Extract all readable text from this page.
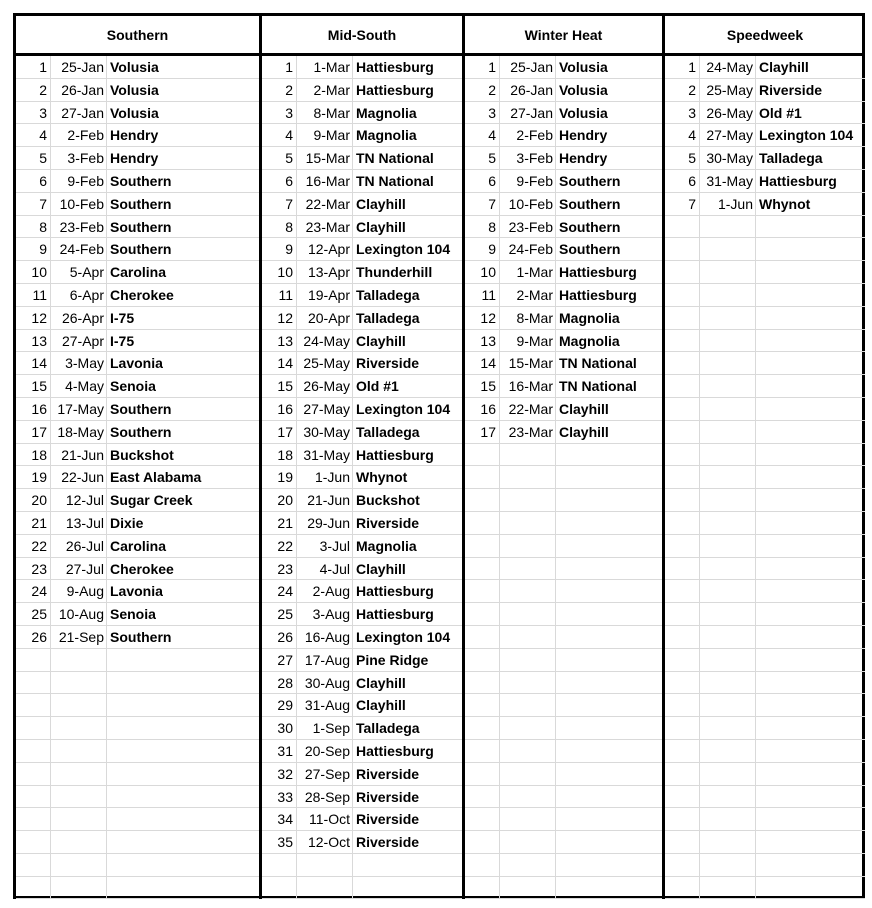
Southern
1	25-Jan Volusia
2	26-Jan Volusia
3	27-Jan Volusia
4	2-Feb Hendry
5	3-Feb Hendry
6	9-Feb Southern
7 10-Feb Southern
8 23-Feb Southern
9 24-Feb Southern
10	5-Apr Carolina
11	6-Apr Cherokee
12	26-Apr I-75
13	27-Apr I-75
14	3-May Lavonia
15	4-May Senoia
16 17-May Southern
17 18-May Southern
18	21-Jun Buckshot
19	22-Jun East Alabama
20	12-Jul Sugar Creek
21	13-Jul Dixie
22	26-Jul Carolina
23	27-Jul Cherokee
24	9-Aug Lavonia
25 10-Aug Senoia
26 21-Sep Southern
Mid-South
1	1-Mar Hattiesburg
2	2-Mar Hattiesburg
3	8-Mar Magnolia
4	9-Mar Magnolia
5 15-Mar TN National
6 16-Mar TN National
7 22-Mar Clayhill
8 23-Mar Clayhill
9	12-Apr Lexington 104
10	13-Apr Thunderhill
11	19-Apr Talladega
12	20-Apr Talladega
13 24-May Clayhill
14 25-May Riverside
15 26-May Old #1
16 27-May Lexington 104
17 30-May Talladega
18 31-May Hattiesburg
19	1-Jun Whynot
20	21-Jun Buckshot
21	29-Jun Riverside
22	3-Jul Magnolia
23	4-Jul Clayhill
24	2-Aug Hattiesburg
25	3-Aug Hattiesburg
26 16-Aug Lexington 104
27 17-Aug Pine Ridge
28 30-Aug Clayhill
29 31-Aug Clayhill
30	1-Sep Talladega
31 20-Sep Hattiesburg
32 27-Sep Riverside
33 28-Sep Riverside
34	11-Oct Riverside
35	12-Oct Riverside
Winter Heat
1	25-Jan Volusia
2	26-Jan Volusia
3	27-Jan Volusia
4	2-Feb Hendry
5	3-Feb Hendry
6	9-Feb Southern
7 10-Feb Southern
8 23-Feb Southern
9 24-Feb Southern
10	1-Mar Hattiesburg
11	2-Mar Hattiesburg
12	8-Mar Magnolia
13	9-Mar Magnolia
14 15-Mar TN National
15 16-Mar TN National
16 22-Mar Clayhill
17 23-Mar Clayhill
Speedweek
1 24-May Clayhill
2 25-May Riverside
3 26-May Old #1
4 27-May Lexington 104
5 30-May Talladega
6 31-May Hattiesburg
7	1-Jun Whynot
